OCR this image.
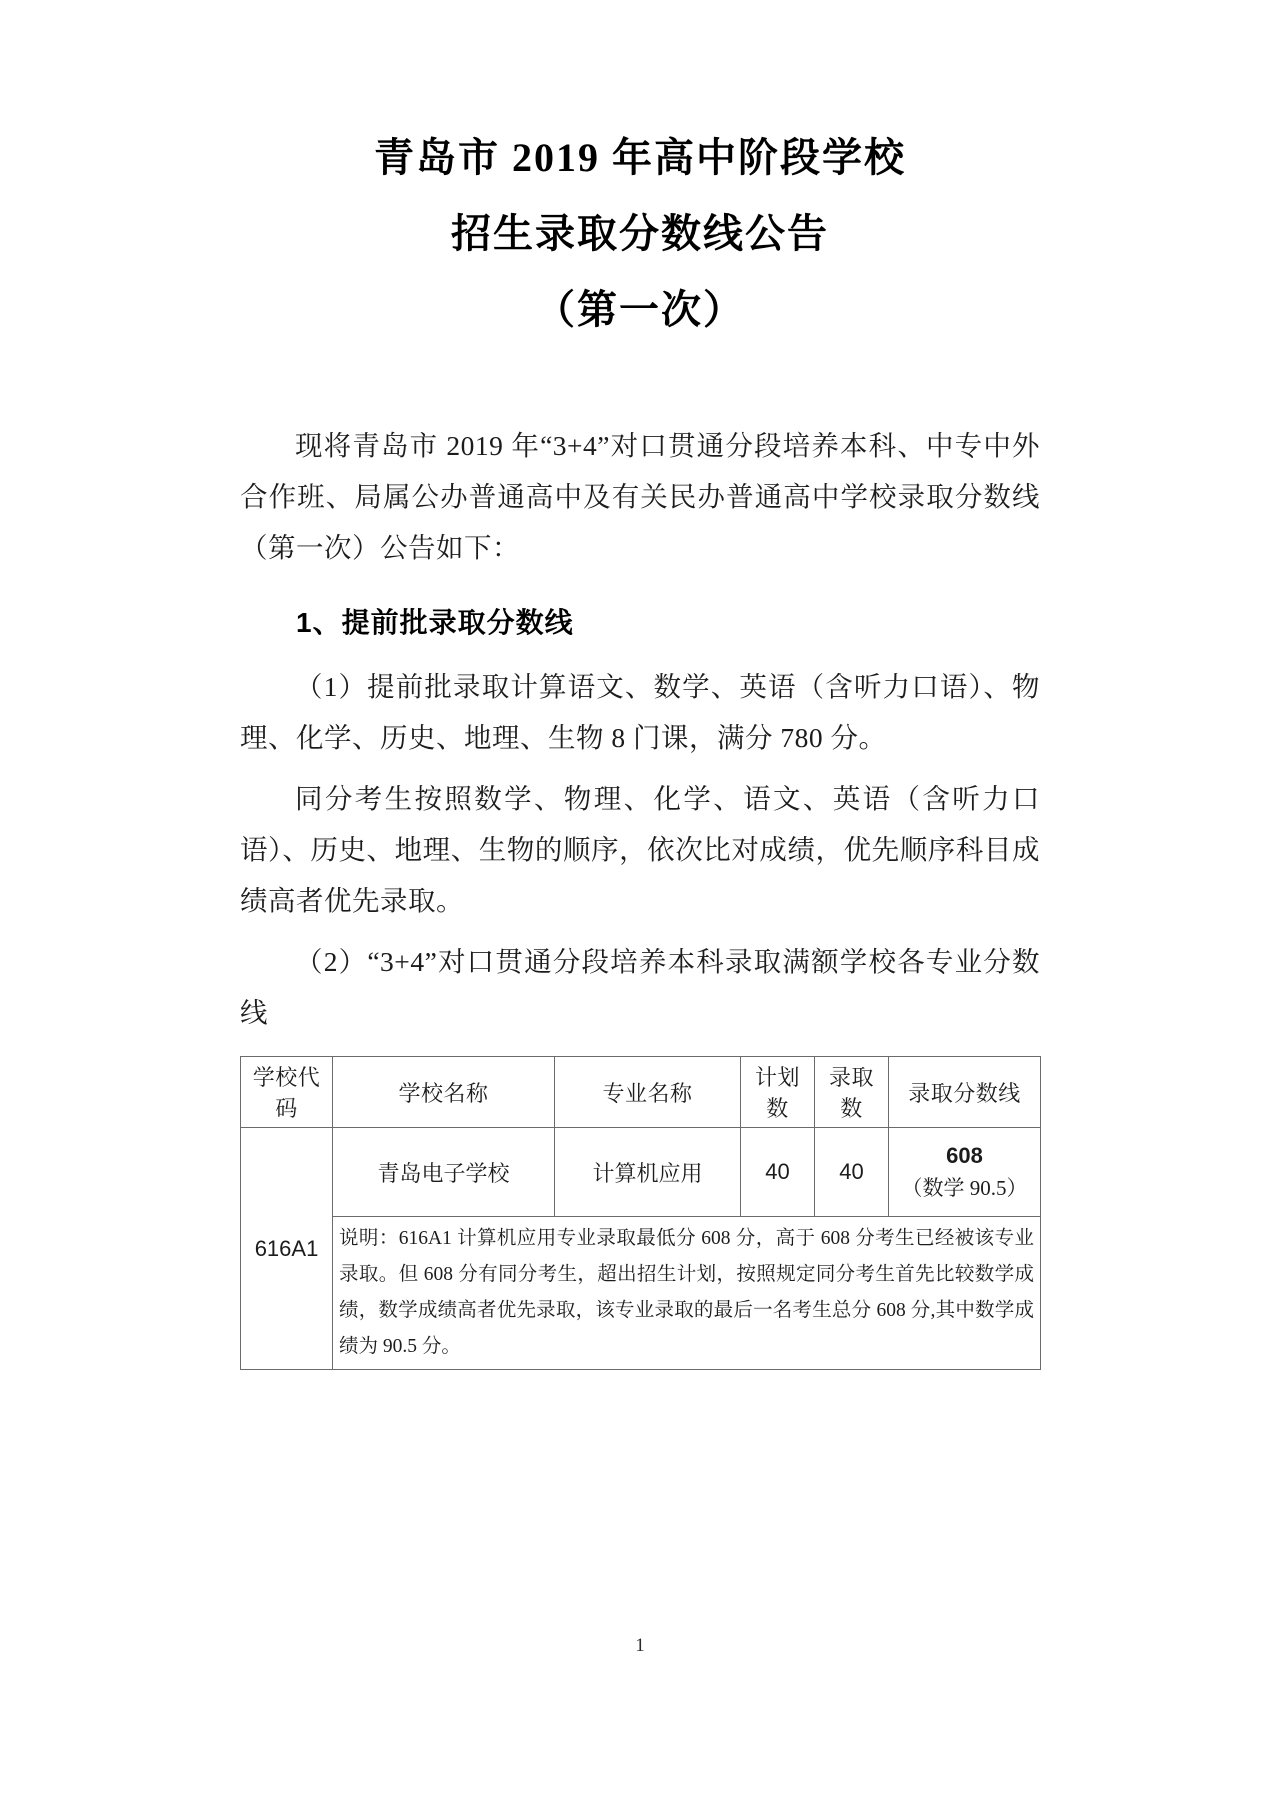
青岛市 2019 年高中阶段学校
招生录取分数线公告
（第一次）

现将青岛市 2019 年“3+4”对口贯通分段培养本科、中专中外合作班、局属公办普通高中及有关民办普通高中学校录取分数线（第一次）公告如下：

1、提前批录取分数线

（1）提前批录取计算语文、数学、英语（含听力口语）、物理、化学、历史、地理、生物 8 门课，满分 780 分。

同分考生按照数学、物理、化学、语文、英语（含听力口语）、历史、地理、生物的顺序，依次比对成绩，优先顺序科目成绩高者优先录取。

（2）“3+4”对口贯通分段培养本科录取满额学校各专业分数线

学校代码	学校名称	专业名称	计划数	录取数	录取分数线
616A1	青岛电子学校	计算机应用	40	40	608
（数学 90.5）

	说明：616A1 计算机应用专业录取最低分 608 分，高于 608 分考生已经被该专业录取。但 608 分有同分考生，超出招生计划，按照规定同分考生首先比较数学成绩，数学成绩高者优先录取，该专业录取的最后一名考生总分 608 分,其中数学成绩为 90.5 分。				
1
